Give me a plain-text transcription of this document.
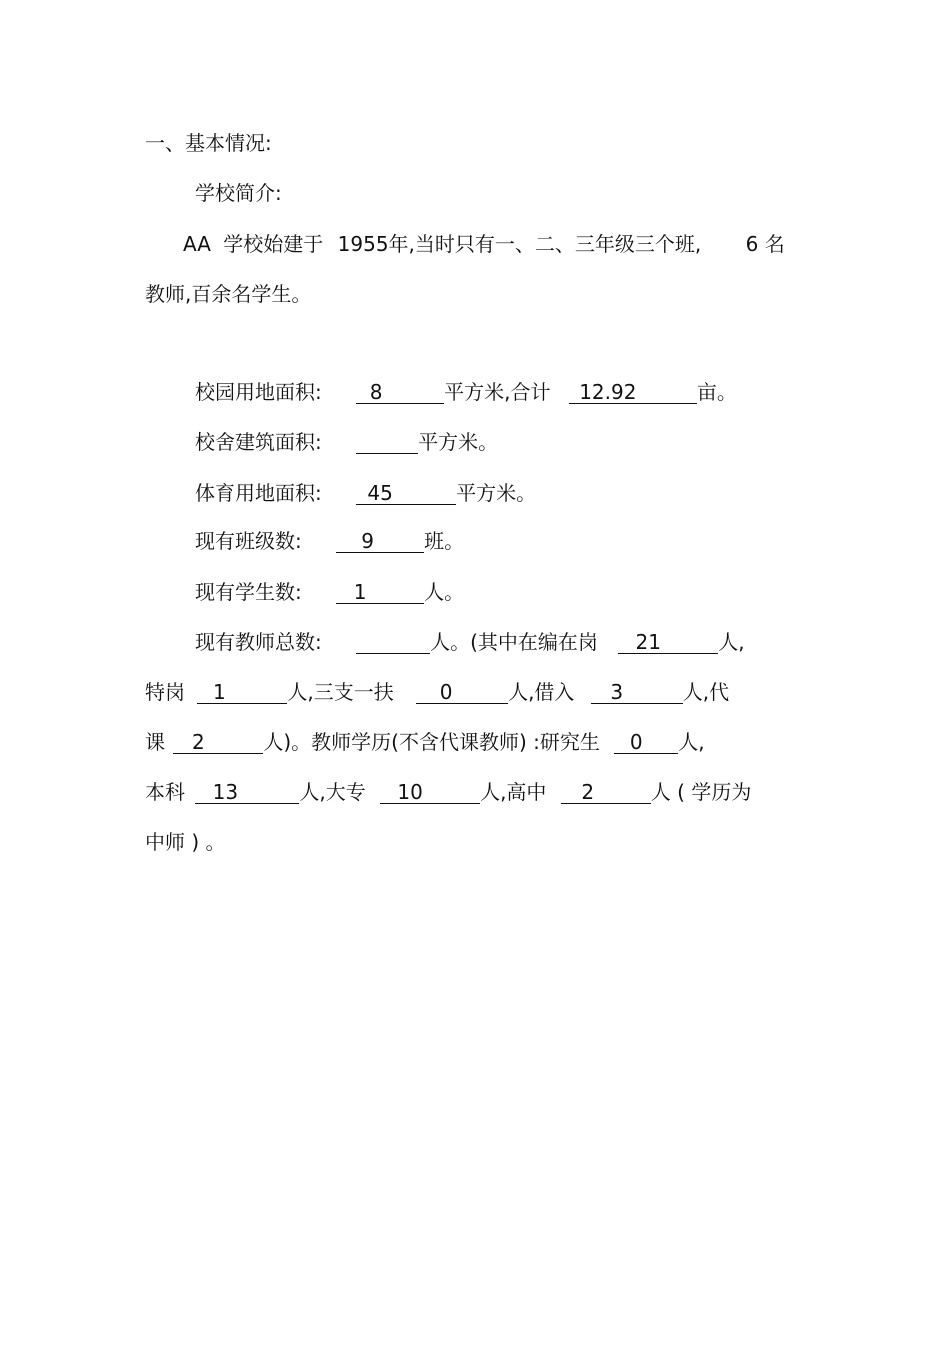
一、基本情况:
学校简介:
AA 学校始建于 1955年,当时只有一、二、三年级三个班, 6 名
教师,百余名学生。
校园用地面积: 8	平方米,合计 12.92	亩。
校舍建筑面积:	平方米。
体育用地面积: 45	平方米。
现有班级数:	9	班。
现有学生数:	1	人。
现有教师总数:	人。(其中在编在岗 21	人,
特岗 1	人,三支一扶 0	人,借入 3	人,代
课 2	人)。教师学历(不含代课教师) :研究生 0 人,
本科 13	人,大专 10	人,高中 2	人 ( 学历为
中师 ) 。
